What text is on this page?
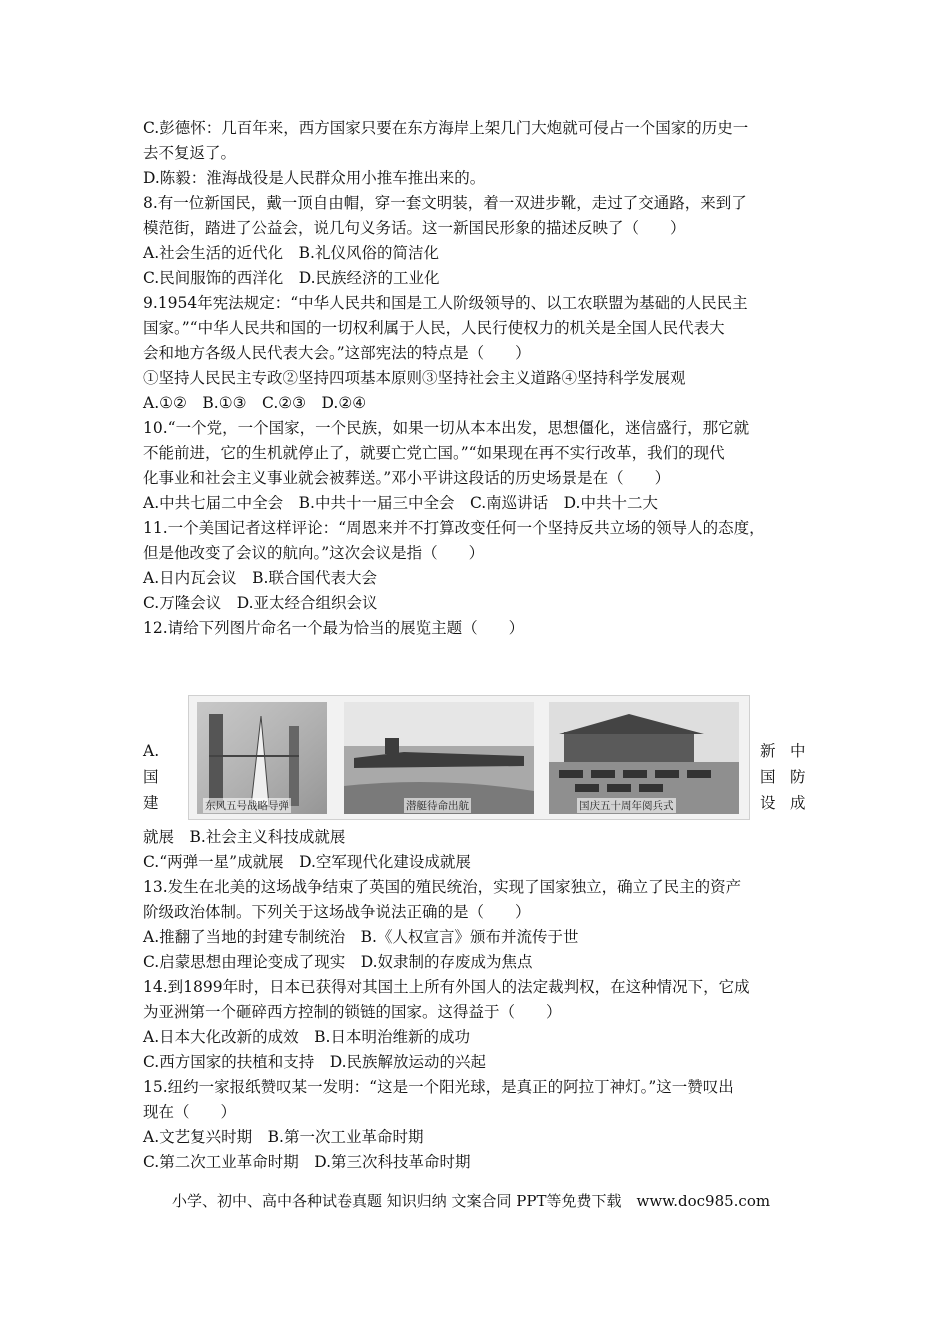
C.彭德怀：几百年来，西方国家只要在东方海岸上架几门大炮就可侵占一个国家的历史一
去不复返了。
D.陈毅：淮海战役是人民群众用小推车推出来的。
8.有一位新国民，戴一顶自由帽，穿一套文明装，着一双进步靴，走过了交通路，来到了
模范街，踏进了公益会，说几句义务话。这一新国民形象的描述反映了（　　）
A.社会生活的近代化　B.礼仪风俗的简洁化
C.民间服饰的西洋化　D.民族经济的工业化
9.1954年宪法规定：“中华人民共和国是工人阶级领导的、以工农联盟为基础的人民民主
国家。”“中华人民共和国的一切权利属于人民，人民行使权力的机关是全国人民代表大
会和地方各级人民代表大会。”这部宪法的特点是（　　）
①坚持人民民主专政②坚持四项基本原则③坚持社会主义道路④坚持科学发展观
A.①②　B.①③　C.②③　D.②④
10.“一个党，一个国家，一个民族，如果一切从本本出发，思想僵化，迷信盛行，那它就
不能前进，它的生机就停止了，就要亡党亡国。”“如果现在再不实行改革，我们的现代
化事业和社会主义事业就会被葬送。”邓小平讲这段话的历史场景是在（　　）
A.中共七届二中全会　B.中共十一届三中全会　C.南巡讲话　D.中共十二大
11.一个美国记者这样评论：“周恩来并不打算改变任何一个坚持反共立场的领导人的态度，
但是他改变了会议的航向。”这次会议是指（　　）
A.日内瓦会议　B.联合国代表大会
C.万隆会议　D.亚太经合组织会议
12.请给下列图片命名一个最为恰当的展览主题（　　）
A.
国
建	东风五号战略导弹	潜艇待命出航	国庆五十周年阅兵式
新 中
国 防
设 成
就展　B.社会主义科技成就展
C.“两弹一星”成就展　D.空军现代化建设成就展
13.发生在北美的这场战争结束了英国的殖民统治，实现了国家独立，确立了民主的资产
阶级政治体制。下列关于这场战争说法正确的是（　　）
A.推翻了当地的封建专制统治　B.《人权宣言》颁布并流传于世
C.启蒙思想由理论变成了现实　D.奴隶制的存废成为焦点
14.到1899年时，日本已获得对其国土上所有外国人的法定裁判权，在这种情况下，它成
为亚洲第一个砸碎西方控制的锁链的国家。这得益于（　　）
A.日本大化改新的成效　B.日本明治维新的成功
C.西方国家的扶植和支持　D.民族解放运动的兴起
15.纽约一家报纸赞叹某一发明：“这是一个阳光球，是真正的阿拉丁神灯。”这一赞叹出
现在（　　）
A.文艺复兴时期　B.第一次工业革命时期
C.第二次工业革命时期　D.第三次科技革命时期
小学、初中、高中各种试卷真题 知识归纳 文案合同 PPT等免费下载　www.doc985.com
